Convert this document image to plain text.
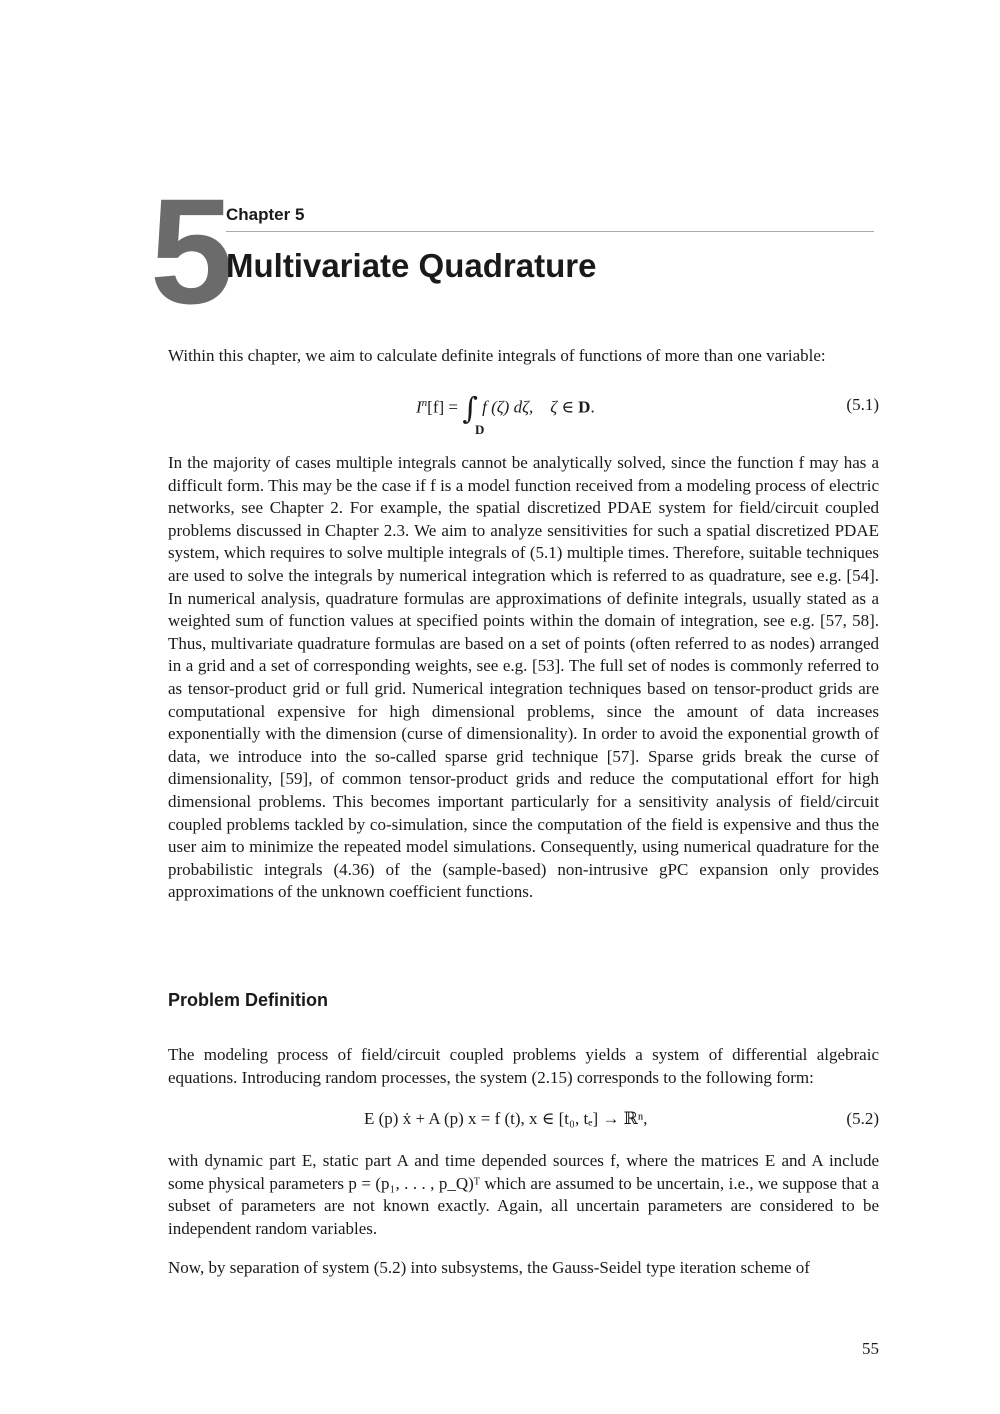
5
Chapter 5
Multivariate Quadrature
Within this chapter, we aim to calculate definite integrals of functions of more than one variable:
$I^n[f]$ = ∫ f (ζ) dζ, ζ ∈ D.
D
(5.1)
In the majority of cases multiple integrals cannot be analytically solved, since the function f may has a difficult form. This may be the case if f is a model function received from a modeling process of electric networks, see Chapter 2. For example, the spatial discretized PDAE system for field/circuit coupled problems discussed in Chapter 2.3. We aim to analyze sensitivities for such a spatial discretized PDAE system, which requires to solve multiple integrals of (5.1) multiple times. Therefore, suitable techniques are used to solve the integrals by numerical integration which is referred to as quadrature, see e.g. [54]. In numerical analysis, quadrature formulas are approximations of definite integrals, usually stated as a weighted sum of function values at specified points within the domain of integration, see e.g. [57, 58]. Thus, multivariate quadrature formulas are based on a set of points (often referred to as nodes) arranged in a grid and a set of corresponding weights, see e.g. [53]. The full set of nodes is commonly referred to as tensor-product grid or full grid. Numerical integration techniques based on tensor-product grids are computational expensive for high dimensional problems, since the amount of data increases exponentially with the dimension (curse of dimensionality). In order to avoid the exponential growth of data, we introduce into the so-called sparse grid technique [57]. Sparse grids break the curse of dimensionality, [59], of common tensor-product grids and reduce the computational effort for high dimensional problems. This becomes important particularly for a sensitivity analysis of field/circuit coupled problems tackled by co-simulation, since the computation of the field is expensive and thus the user aim to minimize the repeated model simulations. Consequently, using numerical quadrature for the probabilistic integrals (4.36) of the (sample-based) non-intrusive gPC expansion only provides approximations of the unknown coefficient functions.
Problem Definition
The modeling process of field/circuit coupled problems yields a system of differential algebraic equations. Introducing random processes, the system (2.15) corresponds to the following form:
E (p) ẋ + A (p) x = f (t), x ∈ [t₀, tₑ] → ℝⁿ,	(5.2)
with dynamic part E, static part A and time depended sources f, where the matrices E and A include some physical parameters p = (p₁, . . . , p_Q)ᵀ which are assumed to be uncertain, i.e., we suppose that a subset of parameters are not known exactly. Again, all uncertain parameters are considered to be independent random variables.
Now, by separation of system (5.2) into subsystems, the Gauss-Seidel type iteration scheme of
55
